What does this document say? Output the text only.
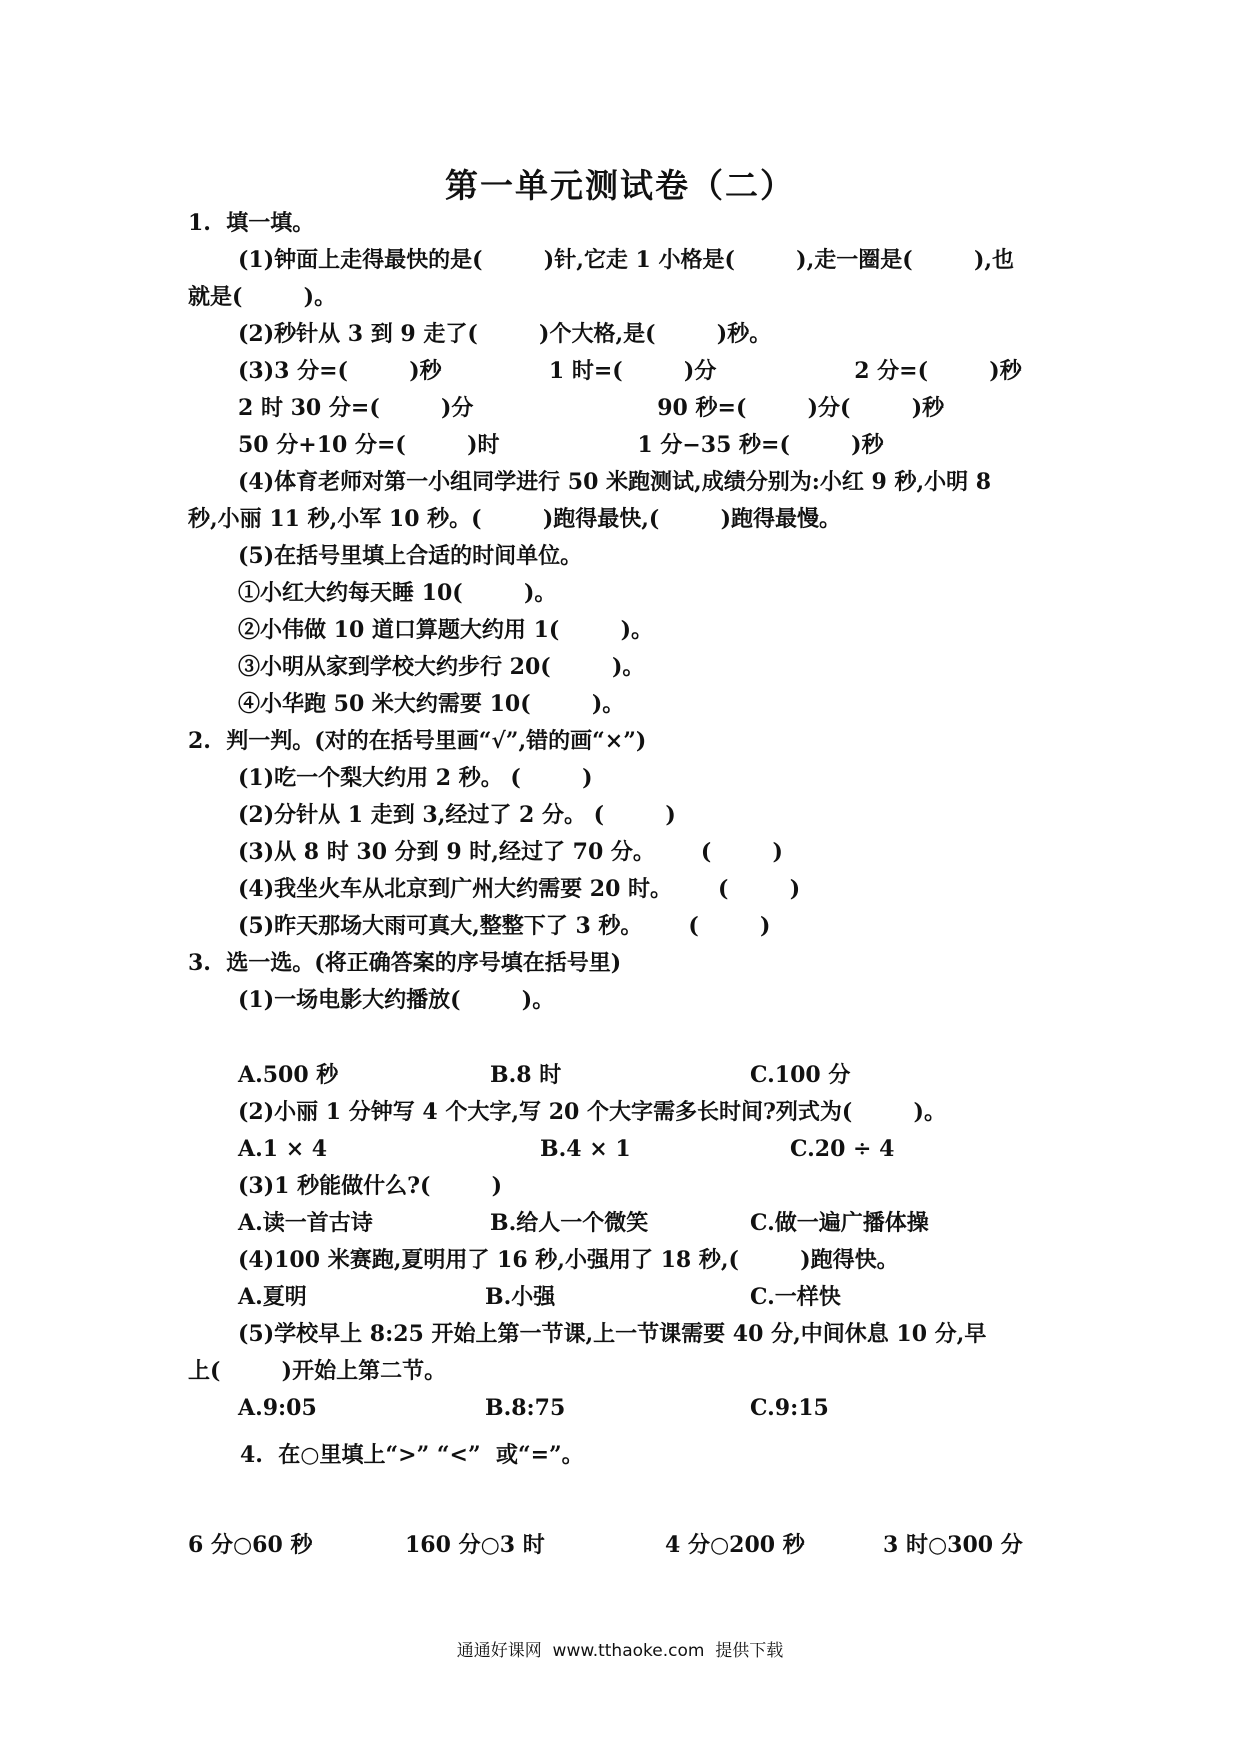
第一单元测试卷（二）
1.  填一填。
(1)钟面上走得最快的是(        )针,它走 1 小格是(        ),走一圈是(        ),也
就是(        )。
(2)秒针从 3 到 9 走了(        )个大格,是(        )秒。
(3)3 分=(        )秒              1 时=(        )分                  2 分=(        )秒
2 时 30 分=(        )分                        90 秒=(        )分(        )秒
50 分+10 分=(        )时                  1 分−35 秒=(        )秒
(4)体育老师对第一小组同学进行 50 米跑测试,成绩分别为:小红 9 秒,小明 8
秒,小丽 11 秒,小军 10 秒。(        )跑得最快,(        )跑得最慢。
(5)在括号里填上合适的时间单位。
①小红大约每天睡 10(        )。
②小伟做 10 道口算题大约用 1(        )。
③小明从家到学校大约步行 20(        )。
④小华跑 50 米大约需要 10(        )。
2.  判一判。(对的在括号里画“√”,错的画“×”)
(1)吃一个梨大约用 2 秒。 (        )
(2)分针从 1 走到 3,经过了 2 分。 (        )
(3)从 8 时 30 分到 9 时,经过了 70 分。      (        )
(4)我坐火车从北京到广州大约需要 20 时。      (        )
(5)昨天那场大雨可真大,整整下了 3 秒。      (        )
3.  选一选。(将正确答案的序号填在括号里)
(1)一场电影大约播放(        )。
A.500 秒	B.8 时	C.100 分
(2)小丽 1 分钟写 4 个大字,写 20 个大字需多长时间?列式为(        )。
A.1 × 4	B.4 × 1	C.20 ÷ 4
(3)1 秒能做什么?(        )
A.读一首古诗	B.给人一个微笑	C.做一遍广播体操
(4)100 米赛跑,夏明用了 16 秒,小强用了 18 秒,(        )跑得快。
A.夏明	B.小强	C.一样快
(5)学校早上 8:25 开始上第一节课,上一节课需要 40 分,中间休息 10 分,早
上(        )开始上第二节。
A.9:05	B.8:75	C.9:15
4.  在○里填上“>” “<”  或“=”。
6 分○60 秒	160 分○3 时	4 分○200 秒	3 时○300 分
通通好课网  www.tthaoke.com  提供下载
